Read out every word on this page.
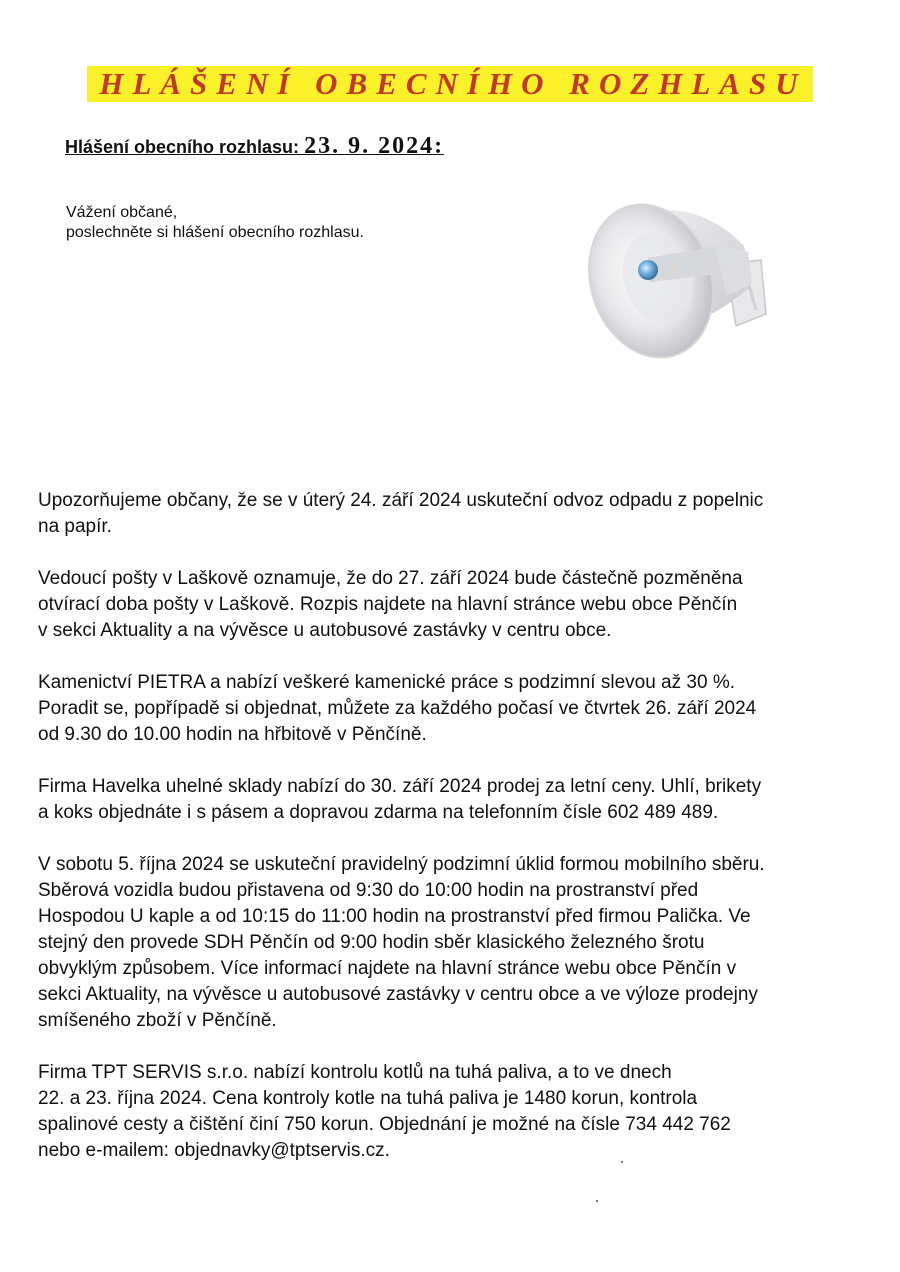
HLÁŠENÍ OBECNÍHO ROZHLASU
Hlášení obecního rozhlasu: 23. 9. 2024:
Vážení občané,
poslechněte si hlášení obecního rozhlasu.

Upozorňujeme občany, že se v úterý 24. září 2024 uskuteční odvoz odpadu z popelnic
na papír.

Vedoucí pošty v Laškově oznamuje, že do 27. září 2024 bude částečně pozměněna
otvírací doba pošty v Laškově. Rozpis najdete na hlavní stránce webu obce Pěnčín
v sekci Aktuality a na vývěsce u autobusové zastávky v centru obce.

Kamenictví PIETRA a nabízí veškeré kamenické práce s podzimní slevou až 30 %.
Poradit se, popřípadě si objednat, můžete za každého počasí ve čtvrtek 26. září 2024
od 9.30 do 10.00 hodin na hřbitově v Pěnčíně.

Firma Havelka uhelné sklady nabízí do 30. září 2024 prodej za letní ceny. Uhlí, brikety
a koks objednáte i s pásem a dopravou zdarma na telefonním čísle 602 489 489.

V sobotu 5. října 2024 se uskuteční pravidelný podzimní úklid formou mobilního sběru.
Sběrová vozidla budou přistavena od 9:30 do 10:00 hodin na prostranství před
Hospodou U kaple a od 10:15 do 11:00 hodin na prostranství před firmou Palička. Ve
stejný den provede SDH Pěnčín od 9:00 hodin sběr klasického železného šrotu
obvyklým způsobem. Více informací najdete na hlavní stránce webu obce Pěnčín v
sekci Aktuality, na vývěsce u autobusové zastávky v centru obce a ve výloze prodejny
smíšeného zboží v Pěnčíně.

Firma TPT SERVIS s.r.o. nabízí kontrolu kotlů na tuhá paliva, a to ve dnech
22. a 23. října 2024. Cena kontroly kotle na tuhá paliva je 1480 korun, kontrola
spalinové cesty a čištění činí 750 korun. Objednání je možné na čísle 734 442 762
nebo e-mailem: objednavky@tptservis.cz.
